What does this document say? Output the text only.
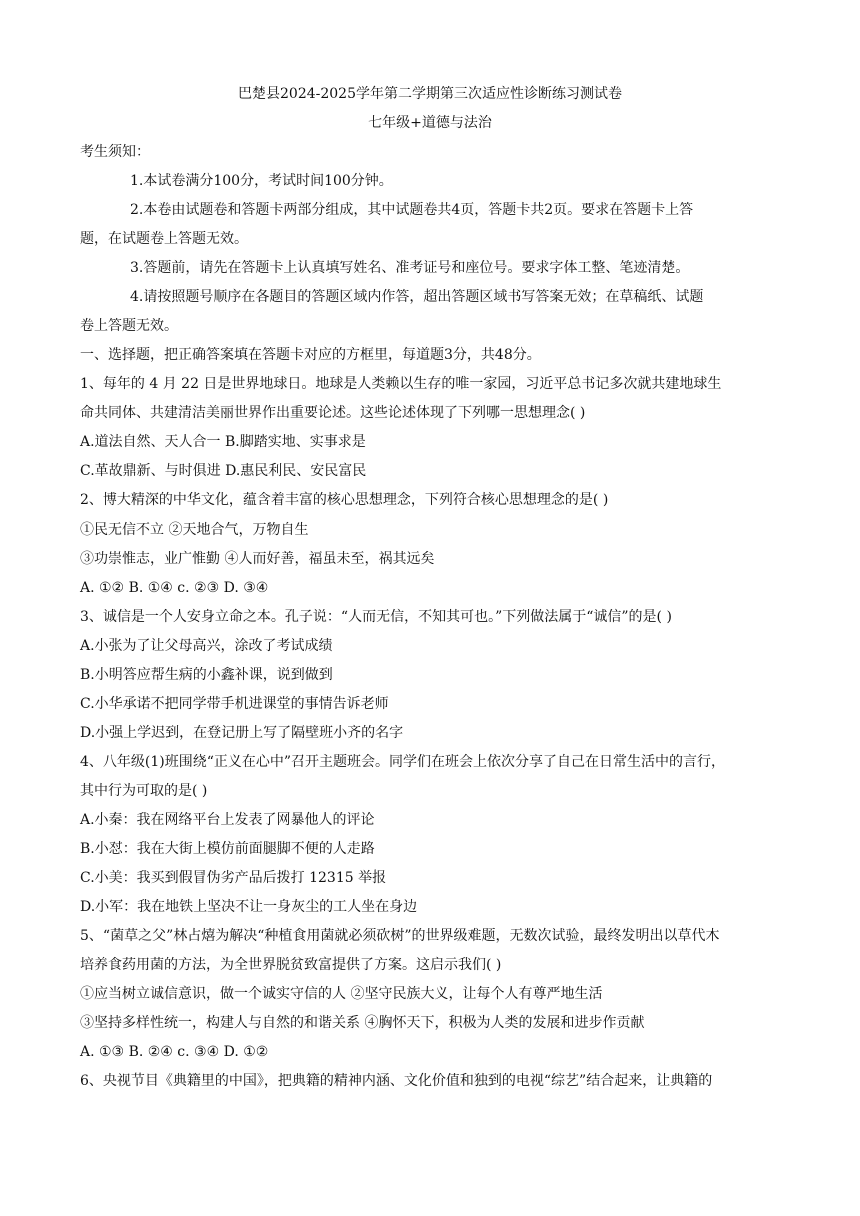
巴楚县2024-2025学年第二学期第三次适应性诊断练习测试卷
七年级+道德与法治
考生须知：
1.本试卷满分100分，考试时间100分钟。
2.本卷由试题卷和答题卡两部分组成，其中试题卷共4页，答题卡共2页。要求在答题卡上答
题，在试题卷上答题无效。
3.答题前，请先在答题卡上认真填写姓名、准考证号和座位号。要求字体工整、笔迹清楚。
4.请按照题号顺序在各题目的答题区域内作答，超出答题区域书写答案无效；在草稿纸、试题
卷上答题无效。
一、选择题，把正确答案填在答题卡对应的方框里，每道题3分，共48分。
1、每年的 4 月 22 日是世界地球日。地球是人类赖以生存的唯一家园，习近平总书记多次就共建地球生
命共同体、共建清洁美丽世界作出重要论述。这些论述体现了下列哪一思想理念( )
A.道法自然、天人合一 B.脚踏实地、实事求是
C.革故鼎新、与时俱进 D.惠民利民、安民富民
2、博大精深的中华文化，蕴含着丰富的核心思想理念，下列符合核心思想理念的是( )
①民无信不立 ②天地合气，万物自生
③功崇惟志，业广惟勤 ④人而好善，福虽未至，祸其远矣
A. ①② B. ①④ c. ②③ D. ③④
3、诚信是一个人安身立命之本。孔子说：“人而无信，不知其可也。”下列做法属于“诚信”的是( )
A.小张为了让父母高兴，涂改了考试成绩
B.小明答应帮生病的小鑫补课，说到做到
C.小华承诺不把同学带手机进课堂的事情告诉老师
D.小强上学迟到，在登记册上写了隔壁班小齐的名字
4、八年级(1)班围绕“正义在心中”召开主题班会。同学们在班会上依次分享了自己在日常生活中的言行，
其中行为可取的是( )
A.小秦：我在网络平台上发表了网暴他人的评论
B.小怼：我在大街上模仿前面腿脚不便的人走路
C.小美：我买到假冒伪劣产品后拨打 12315 举报
D.小军：我在地铁上坚决不让一身灰尘的工人坐在身边
5、“菌草之父”林占熺为解决“种植食用菌就必须砍树”的世界级难题，无数次试验，最终发明出以草代木
培养食药用菌的方法，为全世界脱贫致富提供了方案。这启示我们( )
①应当树立诚信意识，做一个诚实守信的人 ②坚守民族大义，让每个人有尊严地生活
③坚持多样性统一，构建人与自然的和谐关系 ④胸怀天下，积极为人类的发展和进步作贡献
A. ①③ B. ②④ c. ③④ D. ①②
6、央视节目《典籍里的中国》，把典籍的精神内涵、文化价值和独到的电视“综艺”结合起来，让典籍的
